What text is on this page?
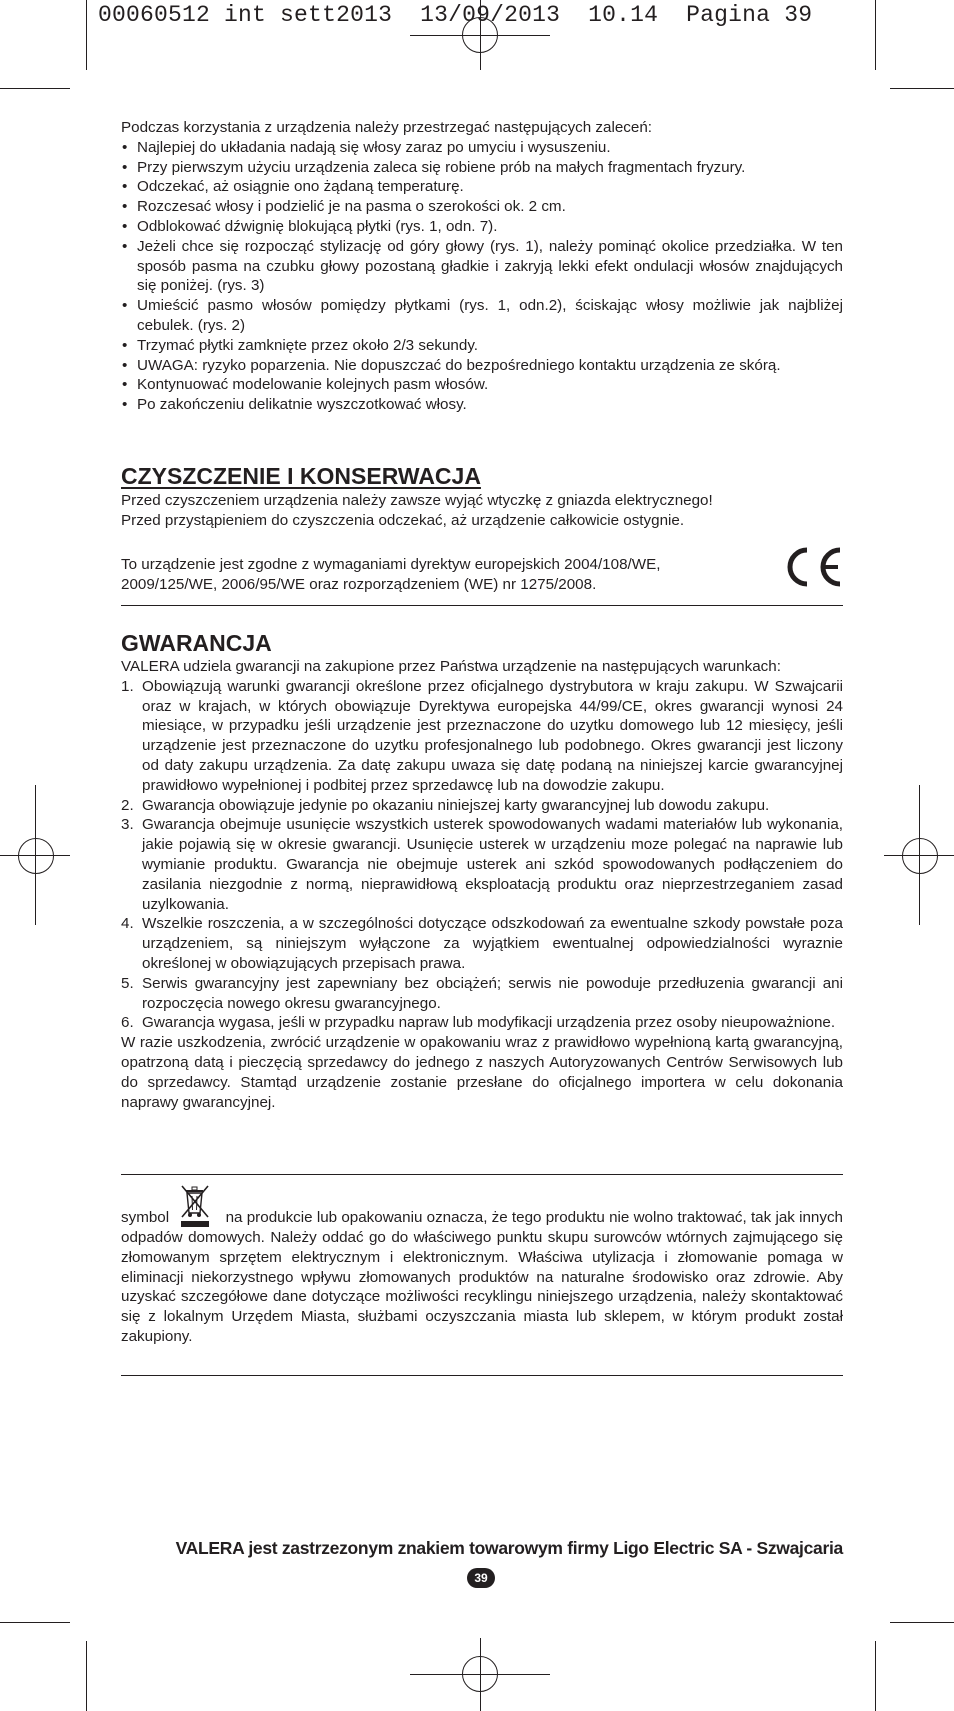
00060512 int sett2013 13/09/2013 10.14 Pagina 39
Podczas korzystania z urządzenia należy przestrzegać następujących zaleceń:
• Najlepiej do układania nadają się włosy zaraz po umyciu i wysuszeniu.
• Przy pierwszym użyciu urządzenia zaleca się robiene prób na małych fragmentach fryzury.
• Odczekać, aż osiągnie ono żądaną temperaturę.
• Rozczesać włosy i podzielić je na pasma o szerokości ok. 2 cm.
• Odblokować dźwignię blokującą płytki (rys. 1, odn. 7).
• Jeżeli chce się rozpocząć stylizację od góry głowy (rys. 1), należy pominąć okolice przedziałka. W ten sposób pasma na czubku głowy pozostaną gładkie i zakryją lekki efekt ondulacji włosów znajdujących się poniżej. (rys. 3)
• Umieścić pasmo włosów pomiędzy płytkami (rys. 1, odn.2), ściskając włosy możliwie jak najbliżej cebulek. (rys. 2)
• Trzymać płytki zamknięte przez około 2/3 sekundy.
• UWAGA: ryzyko poparzenia. Nie dopuszczać do bezpośredniego kontaktu urządzenia ze skórą.
• Kontynuować modelowanie kolejnych pasm włosów.
• Po zakończeniu delikatnie wyszczotkować włosy.
CZYSZCZENIE I KONSERWACJA
Przed czyszczeniem urządzenia należy zawsze wyjąć wtyczkę z gniazda elektrycznego!
Przed przystąpieniem do czyszczenia odczekać, aż urządzenie całkowicie ostygnie.
To urządzenie jest zgodne z wymaganiami dyrektyw europejskich 2004/108/WE,
2009/125/WE, 2006/95/WE oraz rozporządzeniem (WE) nr 1275/2008.
GWARANCJA
VALERA udziela gwarancji na zakupione przez Państwa urządzenie na następujących warunkach:
1. Obowiązują warunki gwarancji określone przez oficjalnego dystrybutora w kraju zakupu. W Szwajcarii oraz w krajach, w których obowiązuje Dyrektywa europejska 44/99/CE, okres gwarancji wynosi 24 miesiące, w przypadku jeśli urządzenie jest przeznaczone do uzytku domowego lub 12 miesięcy, jeśli urządzenie jest przeznaczone do uzytku profesjonalnego lub podobnego. Okres gwarancji jest liczony od daty zakupu urządzenia. Za datę zakupu uwaza się datę podaną na niniejszej karcie gwarancyjnej prawidłowo wypełnionej i podbitej przez sprzedawcę lub na dowodzie zakupu.
2. Gwarancja obowiązuje jedynie po okazaniu niniejszej karty gwarancyjnej lub dowodu zakupu.
3. Gwarancja obejmuje usunięcie wszystkich usterek spowodowanych wadami materiałów lub wykonania, jakie pojawią się w okresie gwarancji. Usunięcie usterek w urządzeniu moze polegać na naprawie lub wymianie produktu. Gwarancja nie obejmuje usterek ani szkód spowodowanych podłączeniem do zasilania niezgodnie z normą, nieprawidłową eksploatacją produktu oraz nieprzestrzeganiem zasad uzylkowania.
4. Wszelkie roszczenia, a w szczególności dotyczące odszkodowań za ewentualne szkody powstałe poza urządzeniem, są niniejszym wyłączone za wyjątkiem ewentualnej odpowiedzialności wyraznie określonej w obowiązujących przepisach prawa.
5. Serwis gwarancyjny jest zapewniany bez obciążeń; serwis nie powoduje przedłuzenia gwarancji ani rozpoczęcia nowego okresu gwarancyjnego.
6. Gwarancja wygasa, jeśli w przypadku napraw lub modyfikacji urządzenia przez osoby nieupoważnione.
W razie uszkodzenia, zwrócić urządzenie w opakowaniu wraz z prawidłowo wypełnioną kartą gwarancyjną, opatrzoną datą i pieczęcią sprzedawcy do jednego z naszych Autoryzowanych Centrów Serwisowych lub do sprzedawcy. Stamtąd urządzenie zostanie przesłane do oficjalnego importera w celu dokonania naprawy gwarancyjnej.
symbol	na produkcie lub opakowaniu oznacza, że tego produktu nie wolno traktować, tak jak innych odpadów domowych. Należy oddać go do właściwego punktu skupu surowców wtórnych zajmującego się złomowanym sprzętem elektrycznym i elektronicznym. Właściwa utylizacja i złomowanie pomaga w eliminacji niekorzystnego wpływu złomowanych produktów na naturalne środowisko oraz zdrowie. Aby uzyskać szczegółowe dane dotyczące możliwości recyklingu niniejszego urządzenia, należy skontaktować się z lokalnym Urzędem Miasta, służbami oczyszczania miasta lub sklepem, w którym produkt został zakupiony.
VALERA jest zastrzezonym znakiem towarowym firmy Ligo Electric SA - Szwajcaria
39
